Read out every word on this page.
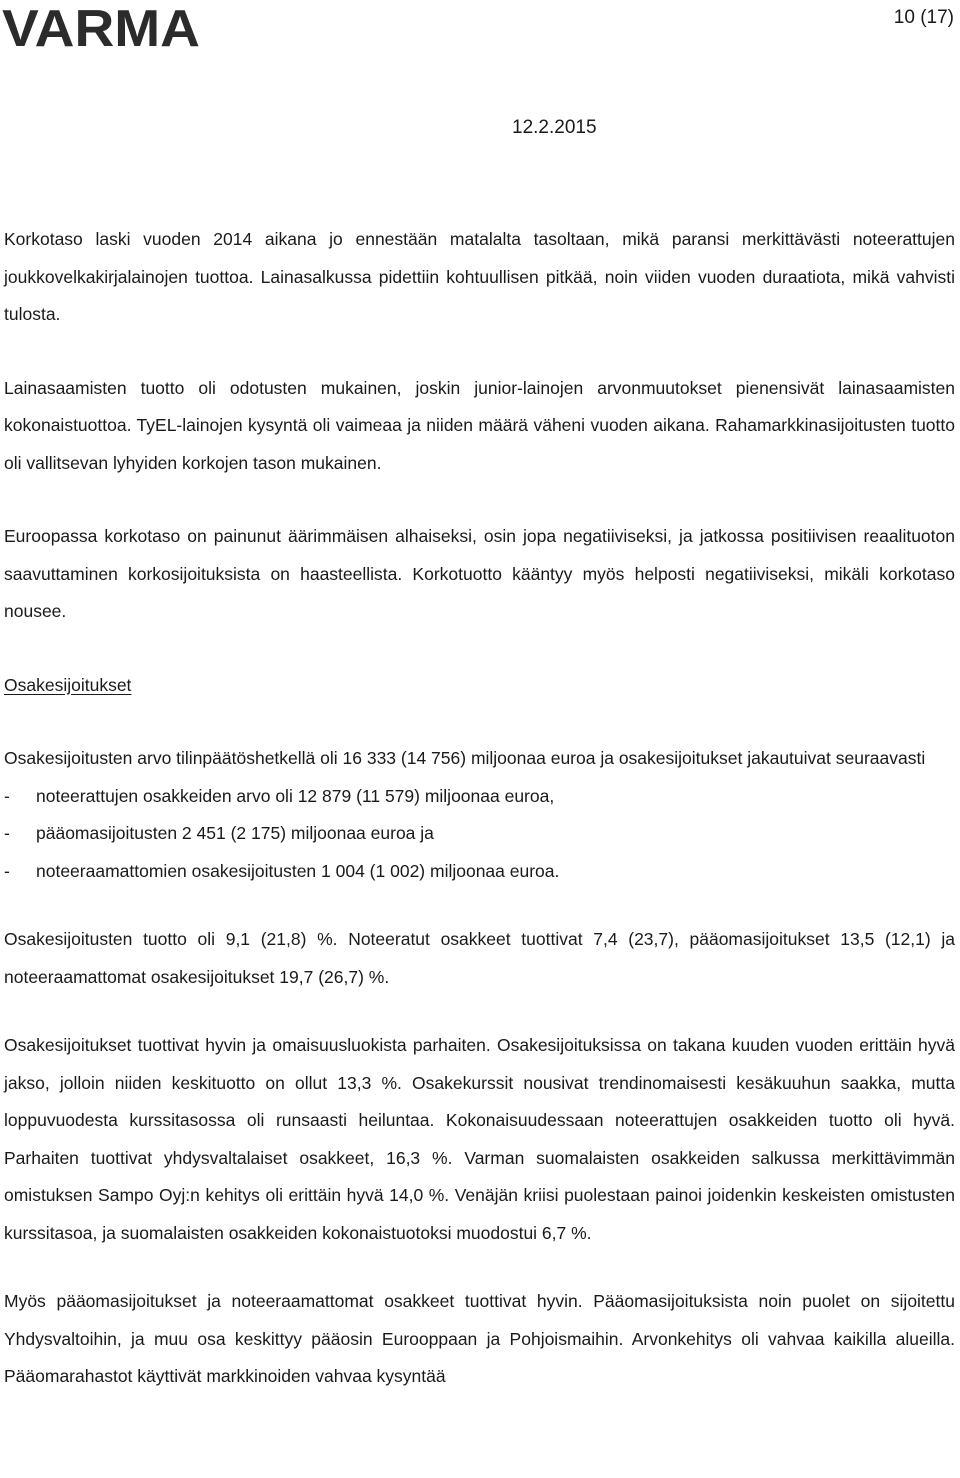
VARMA	10 (17)
12.2.2015

Korkotaso laski vuoden 2014 aikana jo ennestään matalalta tasoltaan, mikä paransi merkittävästi noteerattujen joukkovelkakirjalainojen tuottoa. Lainasalkussa pidettiin kohtuullisen pitkää, noin viiden vuoden duraatiota, mikä vahvisti tulosta.

Lainasaamisten tuotto oli odotusten mukainen, joskin junior-lainojen arvonmuutokset pienensivät lainasaamisten kokonaistuottoa. TyEL-lainojen kysyntä oli vaimeaa ja niiden määrä väheni vuoden aikana. Rahamarkkinasijoitusten tuotto oli vallitsevan lyhyiden korkojen tason mukainen.

Euroopassa korkotaso on painunut äärimmäisen alhaiseksi, osin jopa negatiiviseksi, ja jatkossa positiivisen reaalituoton saavuttaminen korkosijoituksista on haasteellista. Korkotuotto kääntyy myös helposti negatiiviseksi, mikäli korkotaso nousee.

Osakesijoitukset

Osakesijoitusten arvo tilinpäätöshetkellä oli 16 333 (14 756) miljoonaa euroa ja osakesijoitukset jakautuivat seuraavasti

- noteerattujen osakkeiden arvo oli 12 879 (11 579) miljoonaa euroa,
- pääomasijoitusten 2 451 (2 175) miljoonaa euroa ja
- noteeraamattomien osakesijoitusten 1 004 (1 002) miljoonaa euroa.

Osakesijoitusten tuotto oli 9,1 (21,8) %. Noteeratut osakkeet tuottivat 7,4 (23,7), pääomasijoitukset 13,5 (12,1) ja noteeraamattomat osakesijoitukset 19,7 (26,7) %.

Osakesijoitukset tuottivat hyvin ja omaisuusluokista parhaiten. Osakesijoituksissa on takana kuuden vuoden erittäin hyvä jakso, jolloin niiden keskituotto on ollut 13,3 %. Osakekurssit nousivat trendinomaisesti kesäkuuhun saakka, mutta loppuvuodesta kurssitasossa oli runsaasti heiluntaa. Kokonaisuudessaan noteerattujen osakkeiden tuotto oli hyvä. Parhaiten tuottivat yhdysvaltalaiset osakkeet, 16,3 %. Varman suomalaisten osakkeiden salkussa merkittävimmän omistuksen Sampo Oyj:n kehitys oli erittäin hyvä 14,0 %. Venäjän kriisi puolestaan painoi joidenkin keskeisten omistusten kurssitasoa, ja suomalaisten osakkeiden kokonaistuotoksi muodostui 6,7 %.

Myös pääomasijoitukset ja noteeraamattomat osakkeet tuottivat hyvin. Pääomasijoituksista noin puolet on sijoitettu Yhdysvaltoihin, ja muu osa keskittyy pääosin Eurooppaan ja Pohjoismaihin. Arvonkehitys oli vahvaa kaikilla alueilla. Pääomarahastot käyttivät markkinoiden vahvaa kysyntää
